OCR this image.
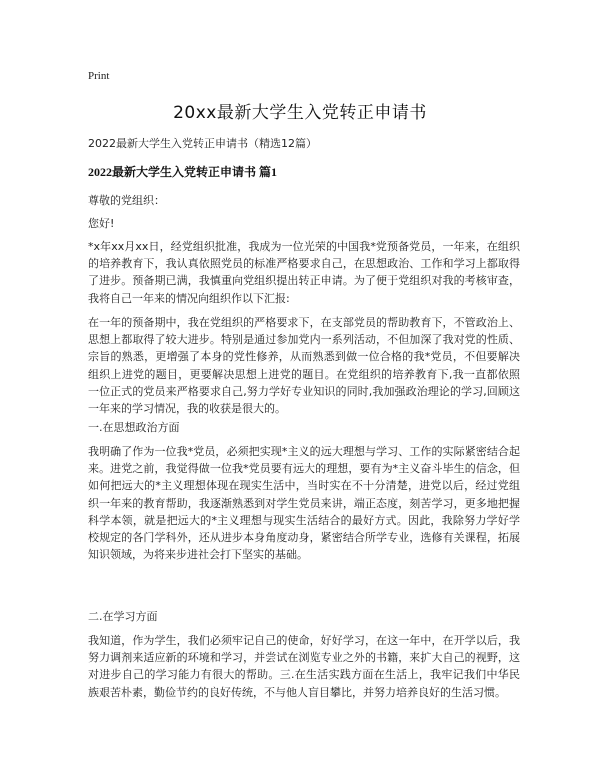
Print
20xx最新大学生入党转正申请书
2022最新大学生入党转正申请书（精选12篇）
2022最新大学生入党转正申请书 篇1
尊敬的党组织：
您好!

*x年xx月xx日，经党组织批准，我成为一位光荣的中国我*党预备党员，一年来，在组织的培养教育下，我认真依照党员的标准严格要求自己，在思想政治、工作和学习上都取得了进步。预备期已满，我慎重向党组织提出转正申请。为了便于党组织对我的考核审查，我将自己一年来的情况向组织作以下汇报:

在一年的预备期中，我在党组织的严格要求下，在支部党员的帮助教育下，不管政治上、思想上都取得了较大进步。特别是通过参加党内一系列活动，不但加深了我对党的性质、宗旨的熟悉，更增强了本身的党性修养，从而熟悉到做一位合格的我*党员，不但要解决组织上进党的题目，更要解决思想上进党的题目。在党组织的培养教育下,我一直都依照一位正式的党员来严格要求自己,努力学好专业知识的同时,我加强政治理论的学习,回顾这一年来的学习情况，我的收获是很大的。

一.在思想政治方面

我明确了作为一位我*党员，必须把实现*主义的远大理想与学习、工作的实际紧密结合起来。进党之前，我觉得做一位我*党员要有远大的理想，要有为*主义奋斗毕生的信念，但如何把远大的*主义理想体现在现实生活中，当时实在不十分清楚，进党以后，经过党组织一年来的教育帮助，我逐渐熟悉到对学生党员来讲，端正态度，刻苦学习，更多地把握科学本领，就是把远大的*主义理想与现实生活结合的最好方式。因此，我除努力学好学校规定的各门学科外，还从进步本身角度动身，紧密结合所学专业，选修有关课程，拓展知识领域，为将来步进社会打下坚实的基础。

二.在学习方面

我知道，作为学生，我们必须牢记自己的使命，好好学习，在这一年中，在开学以后，我努力调剂来适应新的环境和学习，并尝试在浏览专业之外的书籍，来扩大自己的视野，这对进步自己的学习能力有很大的帮助。三.在生活实践方面在生活上，我牢记我们中华民族艰苦朴素，勤俭节约的良好传统，不与他人盲目攀比，并努力培养良好的生活习惯。
